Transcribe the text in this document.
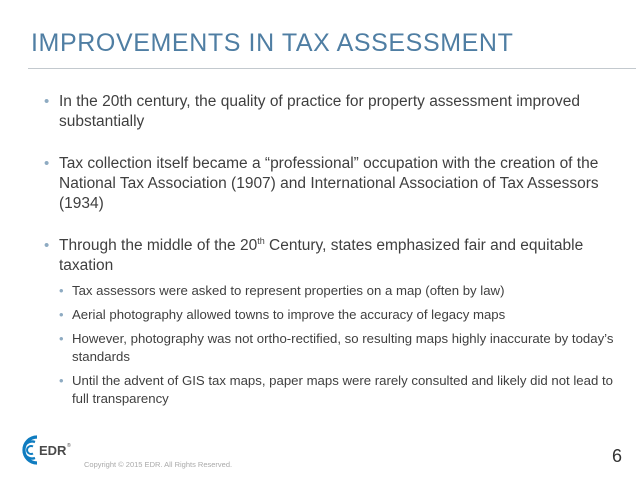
IMPROVEMENTS IN TAX ASSESSMENT
• In the 20th century, the quality of practice for property assessment improved substantially
• Tax collection itself became a “professional” occupation with the creation of the National Tax Association (1907) and International Association of Tax Assessors (1934)
• Through the middle of the 20th Century, states emphasized fair and equitable taxation
• Tax assessors were asked to represent properties on a map (often by law)
• Aerial photography allowed towns to improve the accuracy of legacy maps
• However, photography was not ortho-rectified, so resulting maps highly inaccurate by today’s standards
• Until the advent of GIS tax maps, paper maps were rarely consulted and likely did not lead to full transparency
EDR ®
Copyright © 2015 EDR. All Rights Reserved.	6
